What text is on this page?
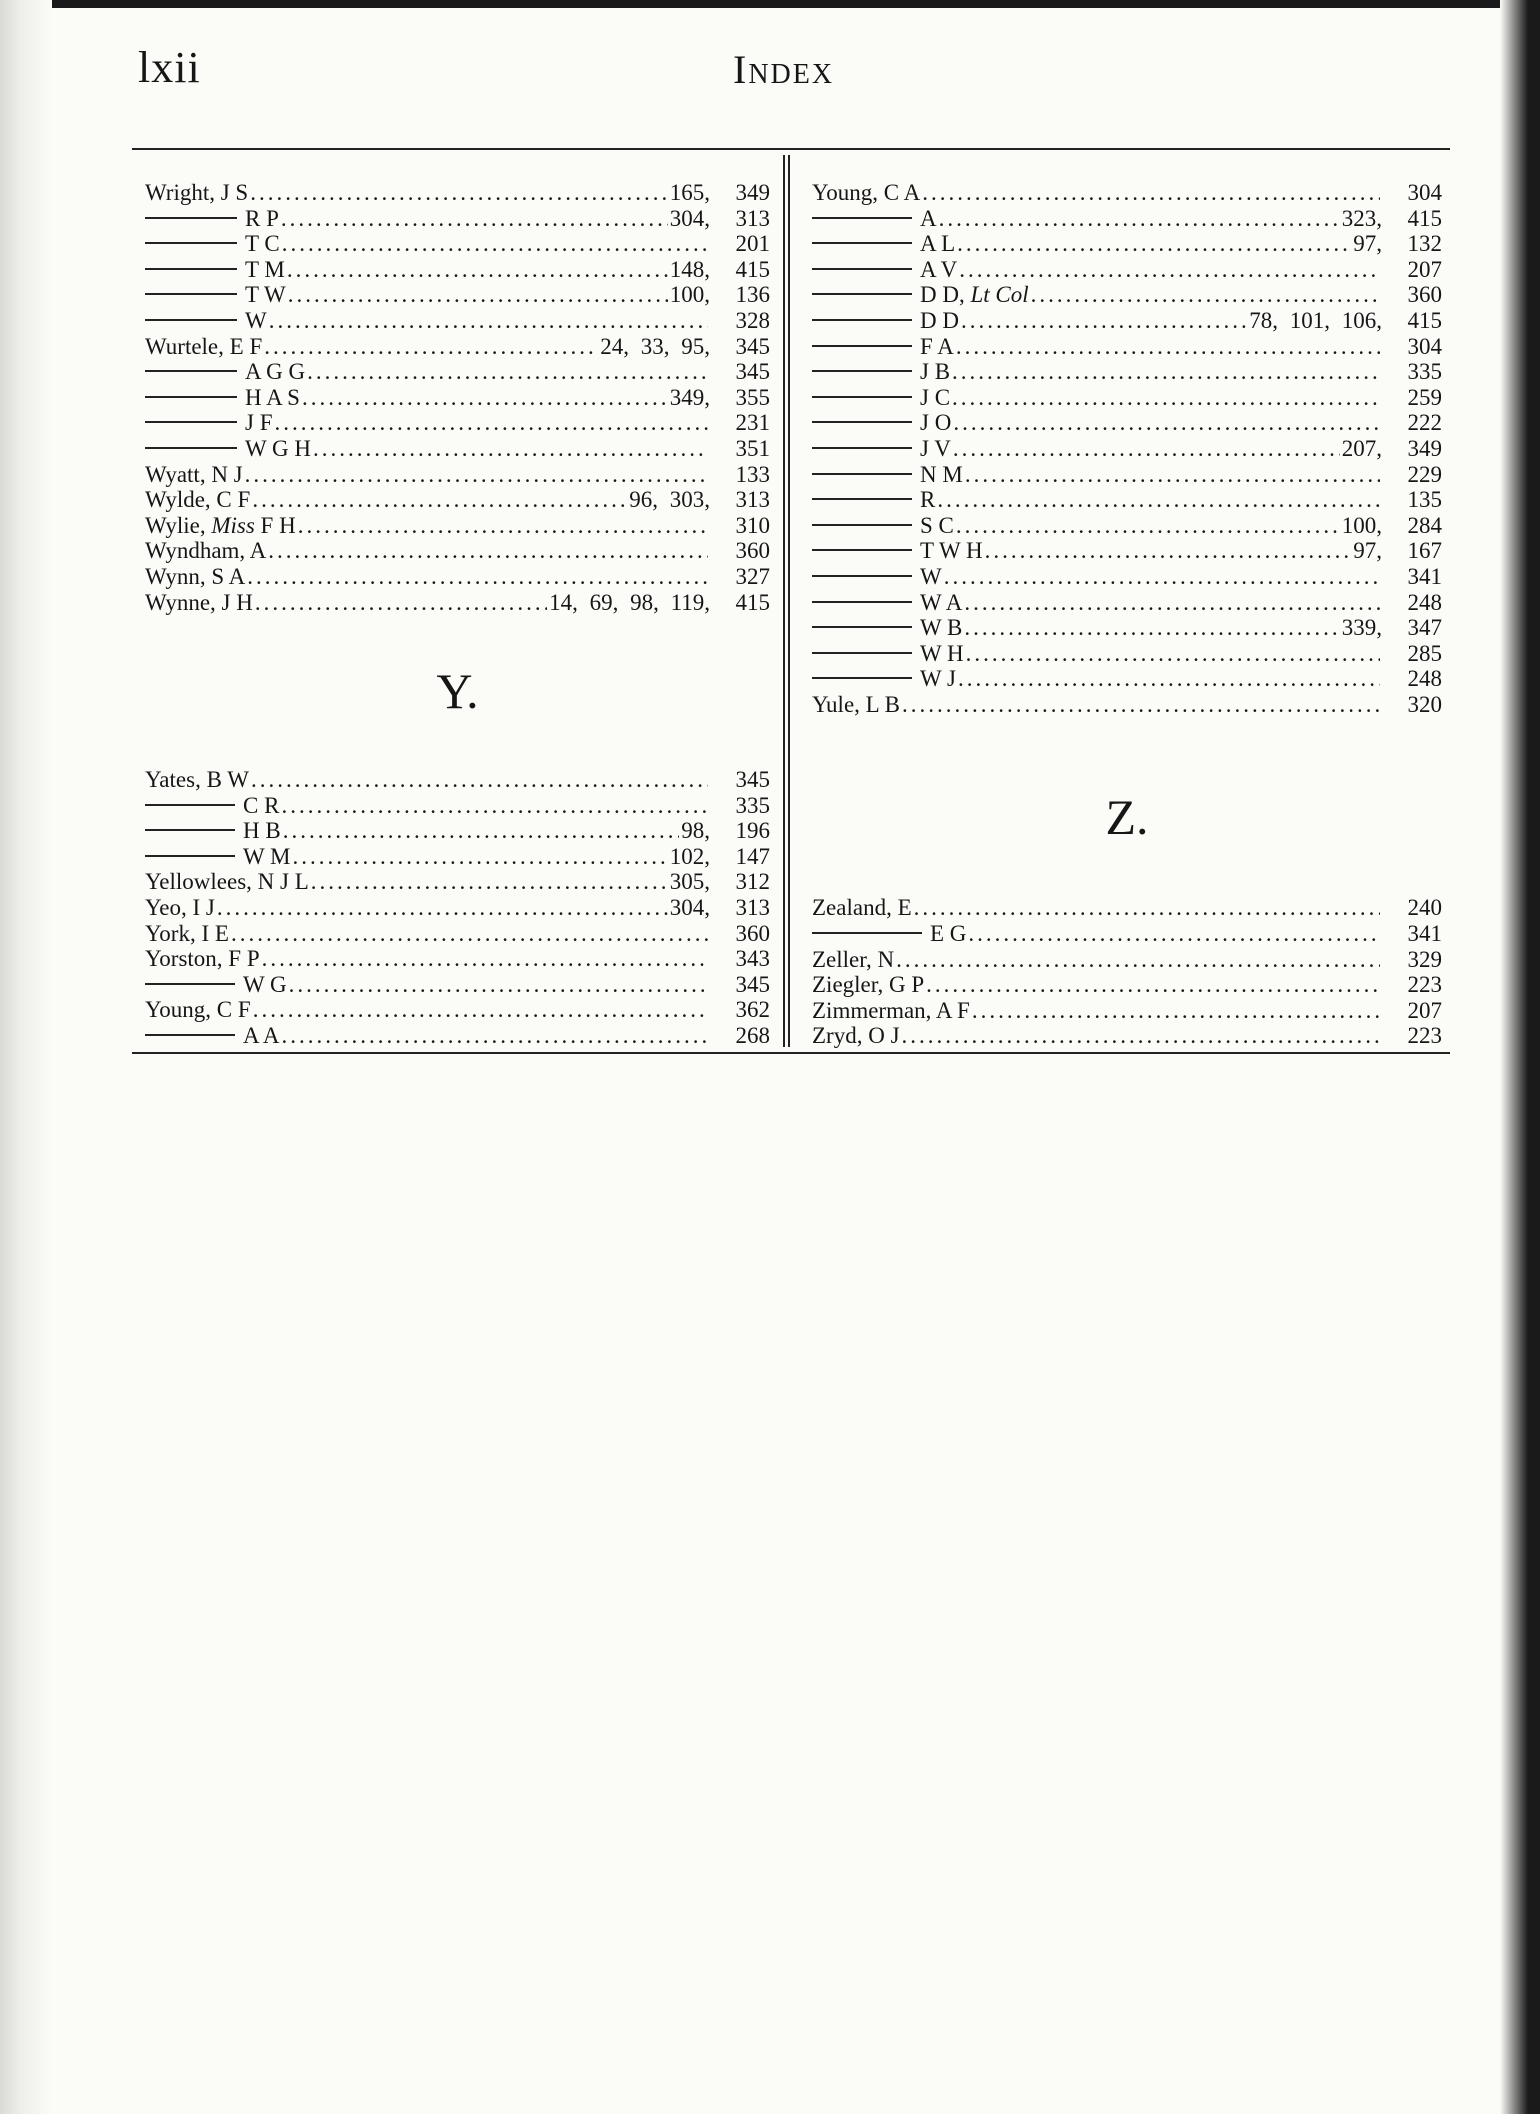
lxii	Index
Wright, J S .....	165,	349
R P .....	304,	313
T C .....	201
T M .....	148,	415
T W .....	100,	136
W .....	328
Wurtele, E F .....	24, 33, 95,	345
A G G .....	345
H A S .....	349,	355
J F .....	231
W G H .....	351
Wyatt, N J .....	133
Wylde, C F .....	96, 303,	313
Wylie, Miss F H .....	310
Wyndham, A .....	360
Wynn, S A .....	327
Wynne, J H .....	14, 69, 98, 119,	415
Y.
Yates, B W .....	345
C R .....	335
H B .....	98,	196
W M .....	102,	147
Yellowlees, N J L .....	305,	312
Yeo, I J .....	304,	313
York, I E .....	360
Yorston, F P .....	343
W G .....	345
Young, C F .....	362
A A .....	268
Young, C A .....	304
A .....	323,	415
A L .....	97,	132
A V .....	207
D D, Lt Col .....	360
D D .....	78, 101, 106,	415
F A .....	304
J B .....	335
J C .....	259
J O .....	222
J V .....	207,	349
N M .....	229
R .....	135
S C .....	100,	284
T W H .....	97,	167
W .....	341
W A .....	248
W B .....	339,	347
W H .....	285
W J .....	248
Yule, L B .....	320
Z.
Zealand, E .....	240
E G .....	341
Zeller, N .....	329
Ziegler, G P .....	223
Zimmerman, A F .....	207
Zryd, O J .....	223
